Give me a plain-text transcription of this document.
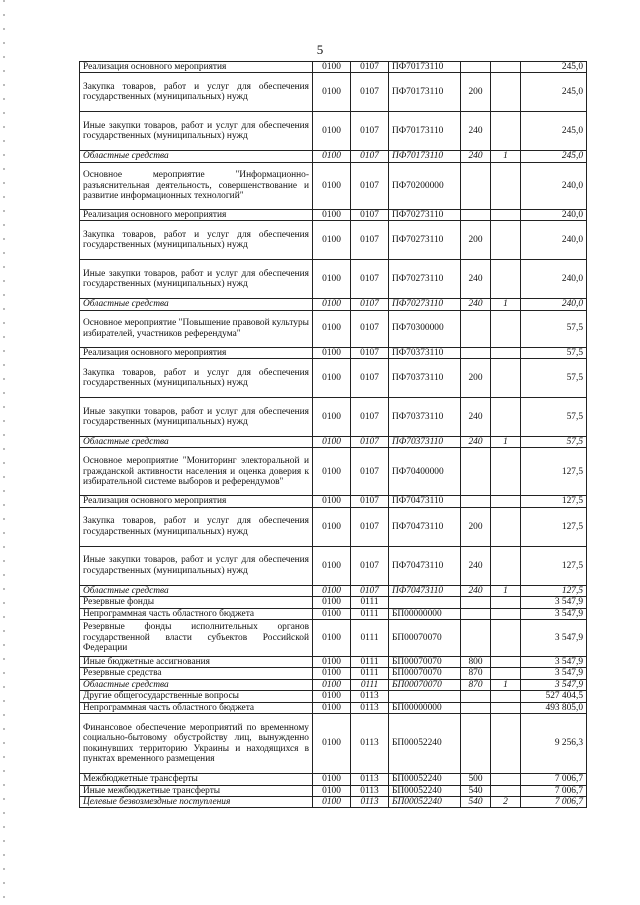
5
Реализация основного мероприятия	0100	0107	ПФ70173110			245,0
Закупка товаров, работ и услуг для обеспечения государственных (муниципальных) нужд	0100	0107	ПФ70173110	200		245,0
Иные закупки товаров, работ и услуг для обеспечения государственных (муниципальных) нужд	0100	0107	ПФ70173110	240		245,0
Областные средства	0100	0107	ПФ70173110	240	1	245,0
Основное мероприятие "Информационно-разъяснительная деятельность, совершенствование и развитие информационных технологий"	0100	0107	ПФ70200000			240,0
Реализация основного мероприятия	0100	0107	ПФ70273110			240,0
Закупка товаров, работ и услуг для обеспечения государственных (муниципальных) нужд	0100	0107	ПФ70273110	200		240,0
Иные закупки товаров, работ и услуг для обеспечения государственных (муниципальных) нужд	0100	0107	ПФ70273110	240		240,0
Областные средства	0100	0107	ПФ70273110	240	1	240,0
Основное мероприятие "Повышение правовой культуры избирателей, участников референдума"	0100	0107	ПФ70300000			57,5
Реализация основного мероприятия	0100	0107	ПФ70373110			57,5
Закупка товаров, работ и услуг для обеспечения государственных (муниципальных) нужд	0100	0107	ПФ70373110	200		57,5
Иные закупки товаров, работ и услуг для обеспечения государственных (муниципальных) нужд	0100	0107	ПФ70373110	240		57,5
Областные средства	0100	0107	ПФ70373110	240	1	57,5
Основное мероприятие "Мониторинг электоральной и гражданской активности населения и оценка доверия к избирательной системе выборов и референдумов"	0100	0107	ПФ70400000			127,5
Реализация основного мероприятия	0100	0107	ПФ70473110			127,5
Закупка товаров, работ и услуг для обеспечения государственных (муниципальных) нужд	0100	0107	ПФ70473110	200		127,5
Иные закупки товаров, работ и услуг для обеспечения государственных (муниципальных) нужд	0100	0107	ПФ70473110	240		127,5
Областные средства	0100	0107	ПФ70473110	240	1	127,5
Резервные фонды	0100	0111				3 547,9
Непрограммная часть областного бюджета	0100	0111	БП00000000			3 547,9
Резервные фонды исполнительных органов государственной власти субъектов Российской Федерации	0100	0111	БП00070070			3 547,9
Иные бюджетные ассигнования	0100	0111	БП00070070	800		3 547,9
Резервные средства	0100	0111	БП00070070	870		3 547,9
Областные средства	0100	0111	БП00070070	870	1	3 547,9
Другие общегосударственные вопросы	0100	0113				527 404,5
Непрограммная часть областного бюджета	0100	0113	БП00000000			493 805,0
Финансовое обеспечение мероприятий по временному социально-бытовому обустройству лиц, вынужденно покинувших территорию Украины и находящихся в пунктах временного размещения	0100	0113	БП00052240			9 256,3
Межбюджетные трансферты	0100	0113	БП00052240	500		7 006,7
Иные межбюджетные трансферты	0100	0113	БП00052240	540		7 006,7
Целевые безвозмездные поступления	0100	0113	БП00052240	540	2	7 006,7
